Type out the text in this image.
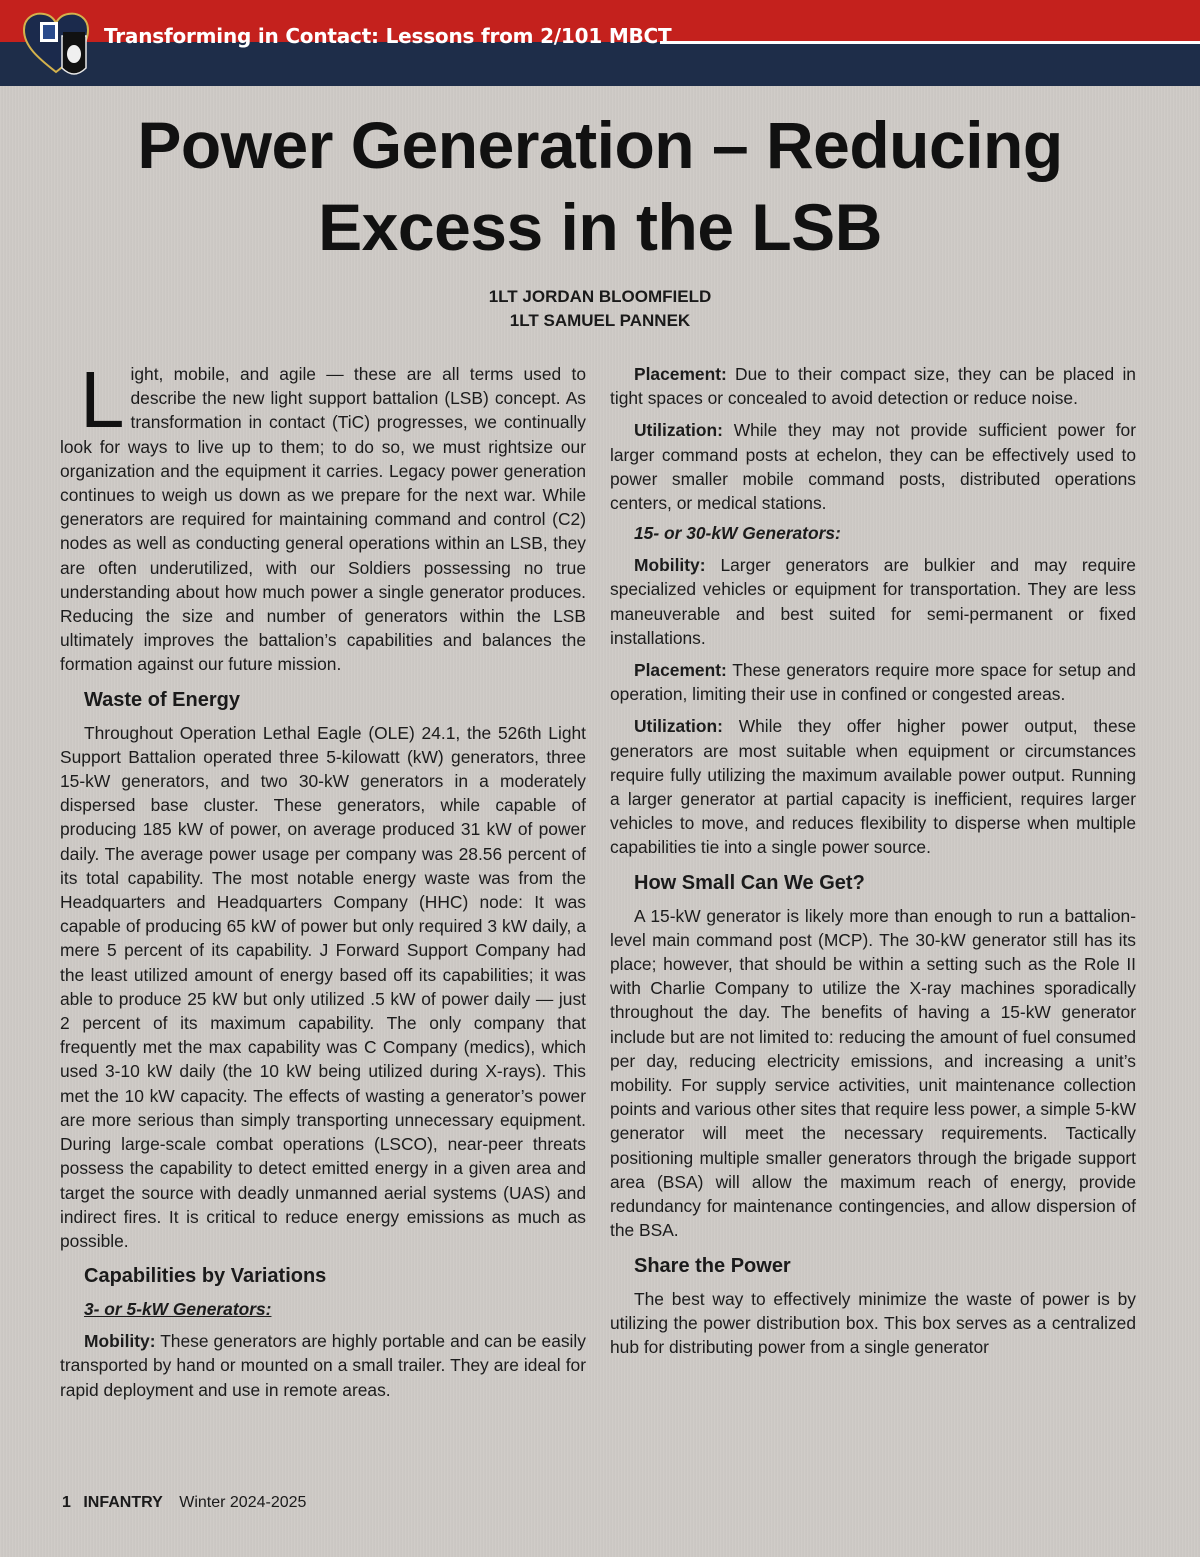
Transforming in Contact: Lessons from 2/101 MBCT
Power Generation – Reducing
Excess in the LSB
1LT JORDAN BLOOMFIELD
1LT SAMUEL PANNEK
Light, mobile, and agile — these are all terms used to describe the new light support battalion (LSB) concept. As transformation in contact (TiC) progresses, we continually look for ways to live up to them; to do so, we must rightsize our organization and the equipment it carries. Legacy power generation continues to weigh us down as we prepare for the next war. While generators are required for maintaining command and control (C2) nodes as well as conducting general operations within an LSB, they are often underutilized, with our Soldiers possessing no true understanding about how much power a single generator produces. Reducing the size and number of generators within the LSB ultimately improves the battalion’s capabilities and balances the formation against our future mission.
Waste of Energy
Throughout Operation Lethal Eagle (OLE) 24.1, the 526th Light Support Battalion operated three 5-kilowatt (kW) generators, three 15-kW generators, and two 30-kW generators in a moderately dispersed base cluster. These generators, while capable of producing 185 kW of power, on average produced 31 kW of power daily. The average power usage per company was 28.56 percent of its total capability. The most notable energy waste was from the Headquarters and Headquarters Company (HHC) node: It was capable of producing 65 kW of power but only required 3 kW daily, a mere 5 percent of its capability. J Forward Support Company had the least utilized amount of energy based off its capabilities; it was able to produce 25 kW but only utilized .5 kW of power daily — just 2 percent of its maximum capability. The only company that frequently met the max capability was C Company (medics), which used 3-10 kW daily (the 10 kW being utilized during X-rays). This met the 10 kW capacity. The effects of wasting a generator’s power are more serious than simply transporting unnecessary equipment. During large-scale combat operations (LSCO), near-peer threats possess the capability to detect emitted energy in a given area and target the source with deadly unmanned aerial systems (UAS) and indirect fires. It is critical to reduce energy emissions as much as possible.
Capabilities by Variations
3- or 5-kW Generators:
Mobility: These generators are highly portable and can be easily transported by hand or mounted on a small trailer. They are ideal for rapid deployment and use in remote areas.
Placement: Due to their compact size, they can be placed in tight spaces or concealed to avoid detection or reduce noise.
Utilization: While they may not provide sufficient power for larger command posts at echelon, they can be effectively used to power smaller mobile command posts, distributed operations centers, or medical stations.
15- or 30-kW Generators:
Mobility: Larger generators are bulkier and may require specialized vehicles or equipment for transportation. They are less maneuverable and best suited for semi-permanent or fixed installations.
Placement: These generators require more space for setup and operation, limiting their use in confined or congested areas.
Utilization: While they offer higher power output, these generators are most suitable when equipment or circumstances require fully utilizing the maximum available power output. Running a larger generator at partial capacity is inefficient, requires larger vehicles to move, and reduces flexibility to disperse when multiple capabilities tie into a single power source.
How Small Can We Get?
A 15-kW generator is likely more than enough to run a battalion-level main command post (MCP). The 30-kW generator still has its place; however, that should be within a setting such as the Role II with Charlie Company to utilize the X-ray machines sporadically throughout the day. The benefits of having a 15-kW generator include but are not limited to: reducing the amount of fuel consumed per day, reducing electricity emissions, and increasing a unit’s mobility. For supply service activities, unit maintenance collection points and various other sites that require less power, a simple 5-kW generator will meet the necessary requirements. Tactically positioning multiple smaller generators through the brigade support area (BSA) will allow the maximum reach of energy, provide redundancy for maintenance contingencies, and allow dispersion of the BSA.
Share the Power
The best way to effectively minimize the waste of power is by utilizing the power distribution box. This box serves as a centralized hub for distributing power from a single generator
1 INFANTRY Winter 2024-2025
